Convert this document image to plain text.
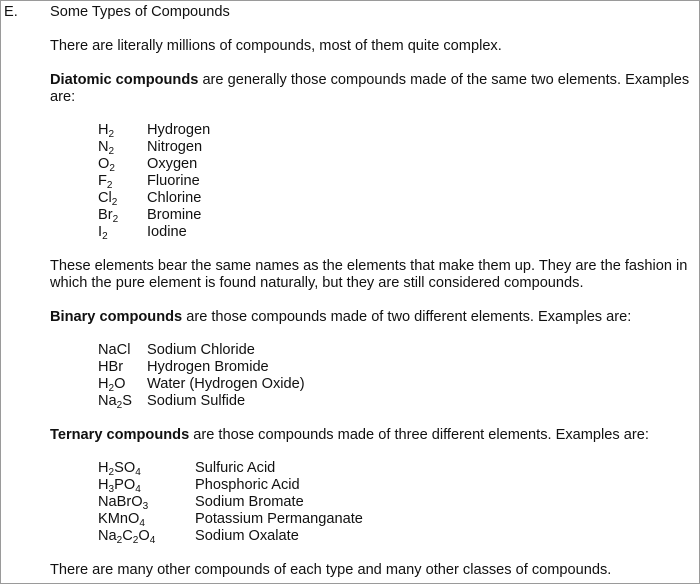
E. Some Types of Compounds
There are literally millions of compounds, most of them quite complex.
Diatomic compounds are generally those compounds made of the same two elements. Examples are:
$H_2$ Hydrogen
$N_2$ Nitrogen
$O_2$ Oxygen
$F_2$ Fluorine
$Cl_2$ Chlorine
$Br_2$ Bromine
$I_2$	Iodine
These elements bear the same names as the elements that make them up. They are the fashion in which the pure element is found naturally, but they are still considered compounds.
Binary compounds are those compounds made of two different elements. Examples are:
NaCl Sodium Chloride
HBr Hydrogen Bromide
$H_2O$ Water (Hydrogen Oxide)
$Na_2S$ Sodium Sulfide
Ternary compounds are those compounds made of three different elements. Examples are:
$H_2SO_4$	Sulfuric Acid
$H_3PO_4$	Phosphoric Acid
NaBrO$_3$	Sodium Bromate
KMnO$_4$	Potassium Permanganate
$Na_2C_2O_4$	Sodium Oxalate
There are many other compounds of each type and many other classes of compounds.
